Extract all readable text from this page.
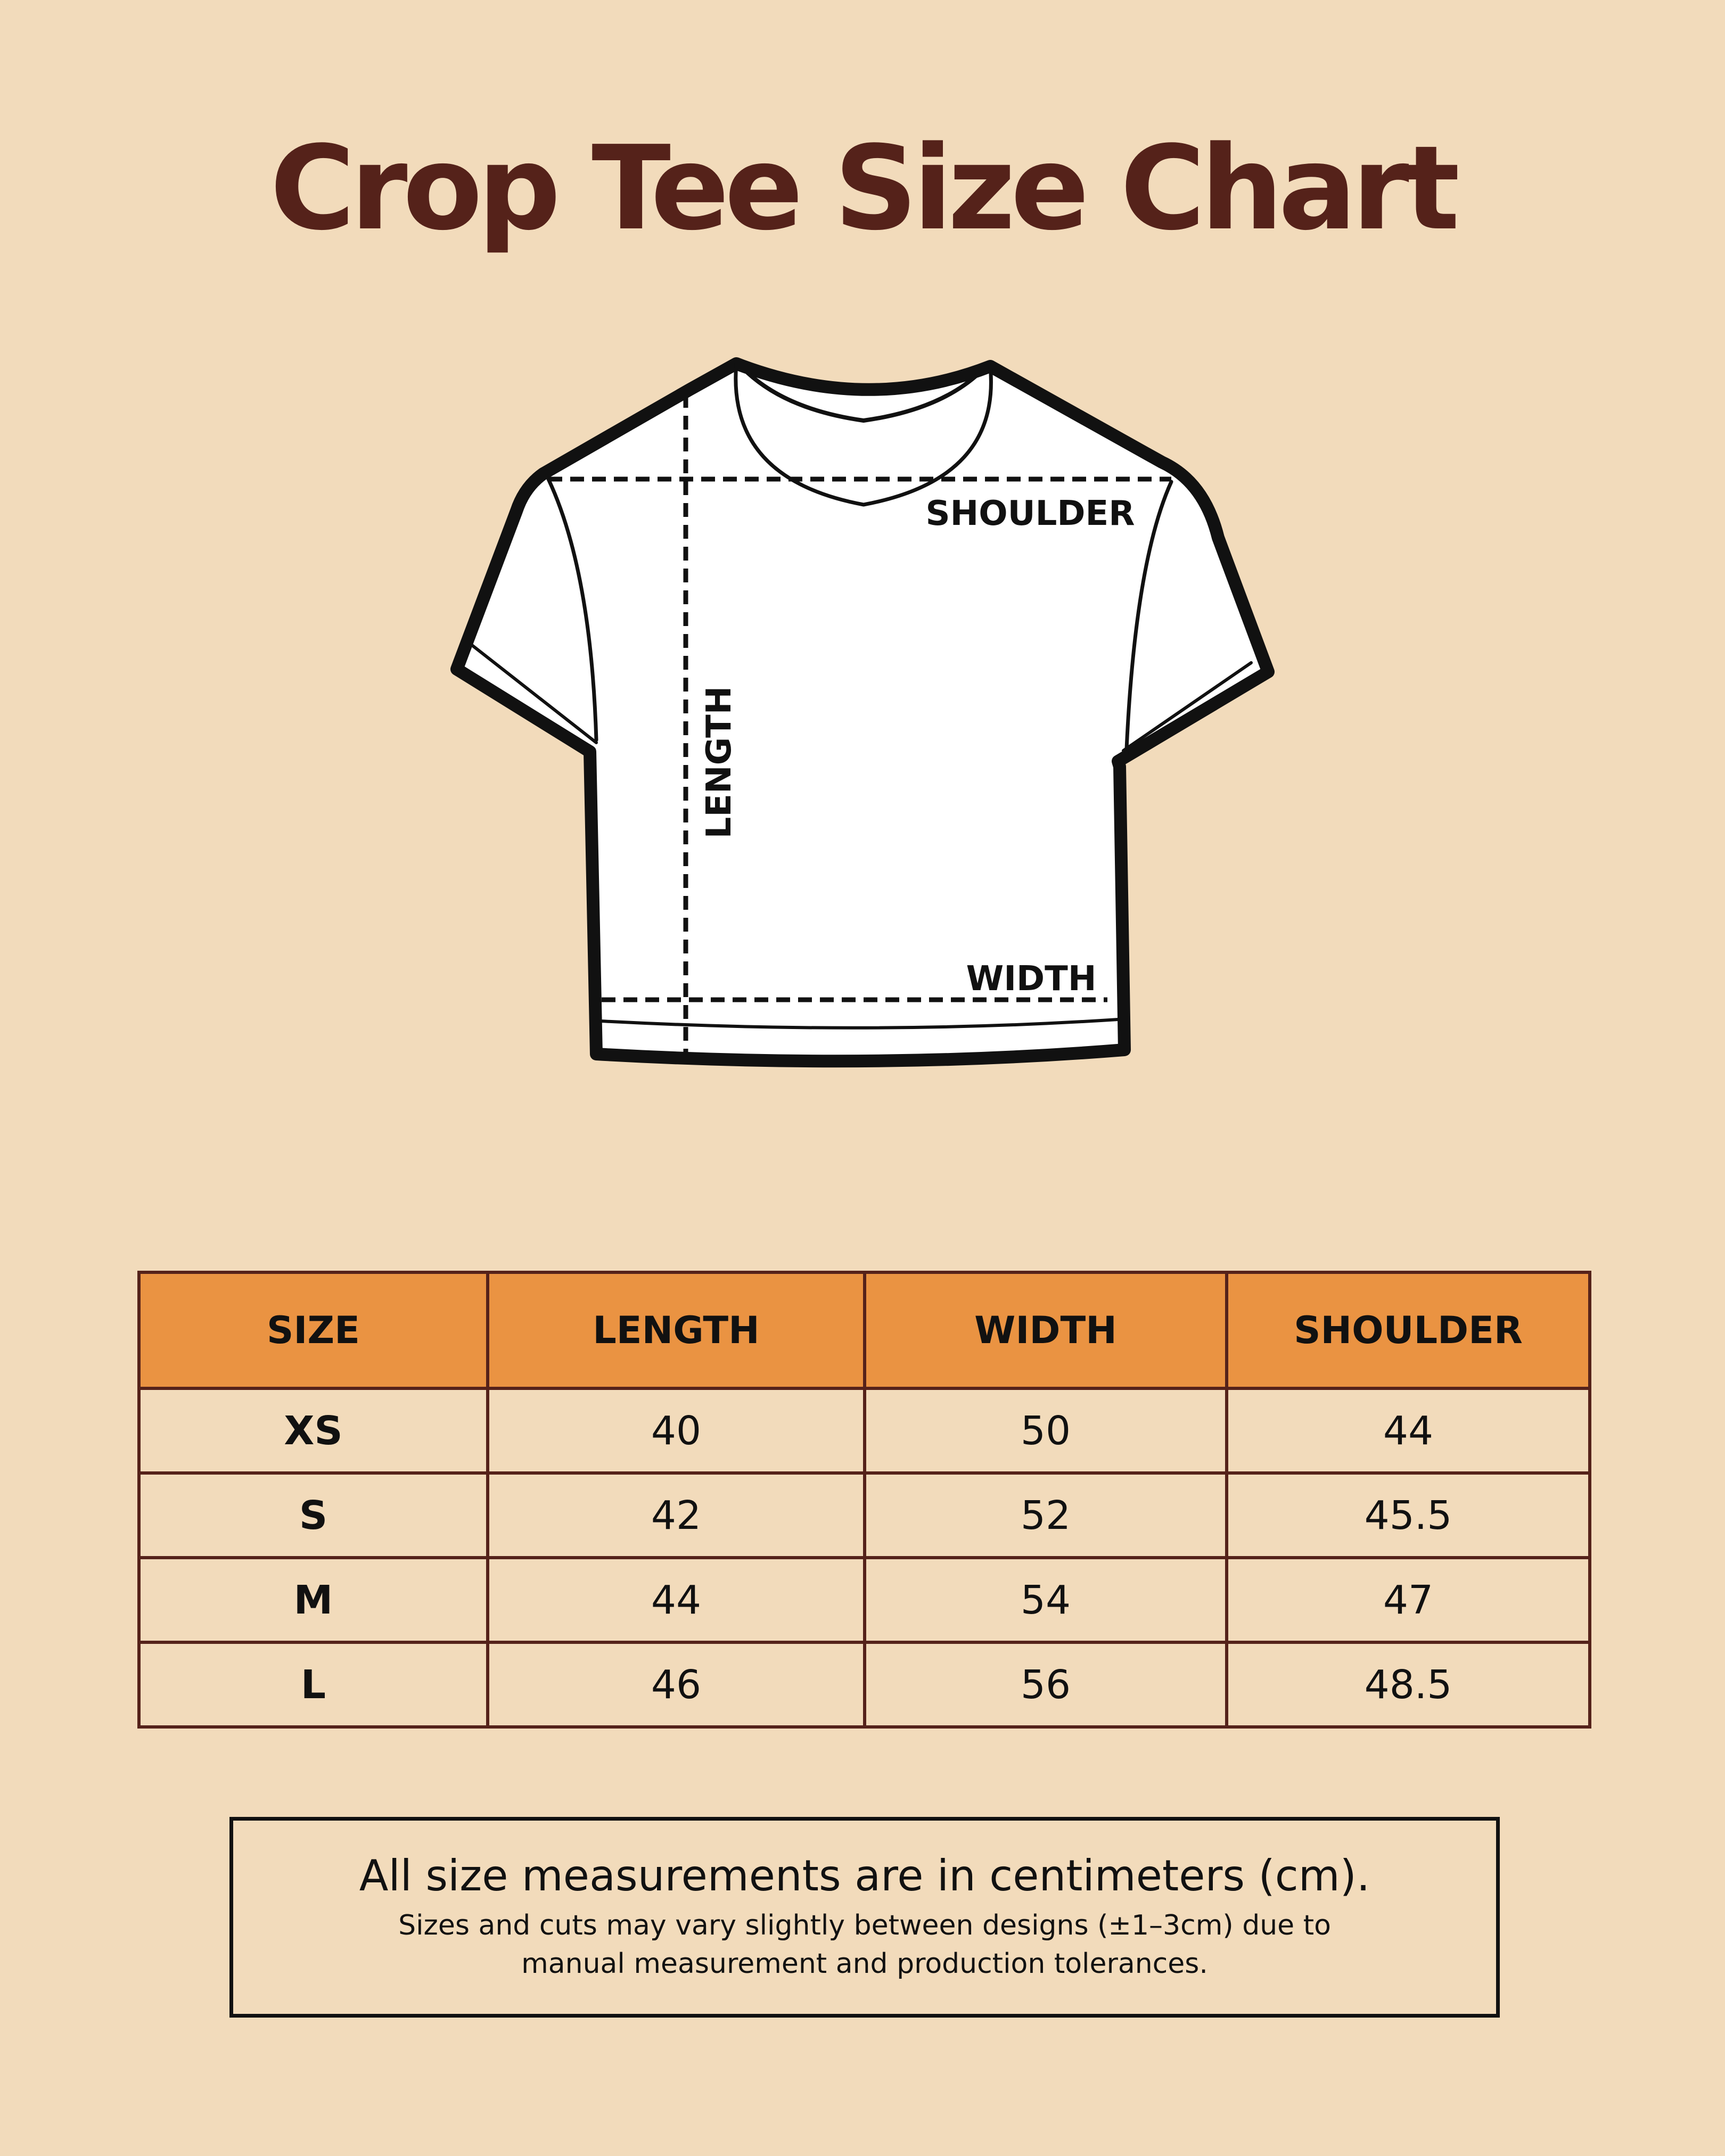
Crop Tee Size Chart
SHOULDER
WIDTH
LENGTH
SIZE	LENGTH	WIDTH	SHOULDER
XS	40	50	44
S	42	52	45.5
M	44	54	47
L	46	56	48.5
All size measurements are in centimeters (cm).
Sizes and cuts may vary slightly between designs (±1–3cm) due to manual measurement and production tolerances.
